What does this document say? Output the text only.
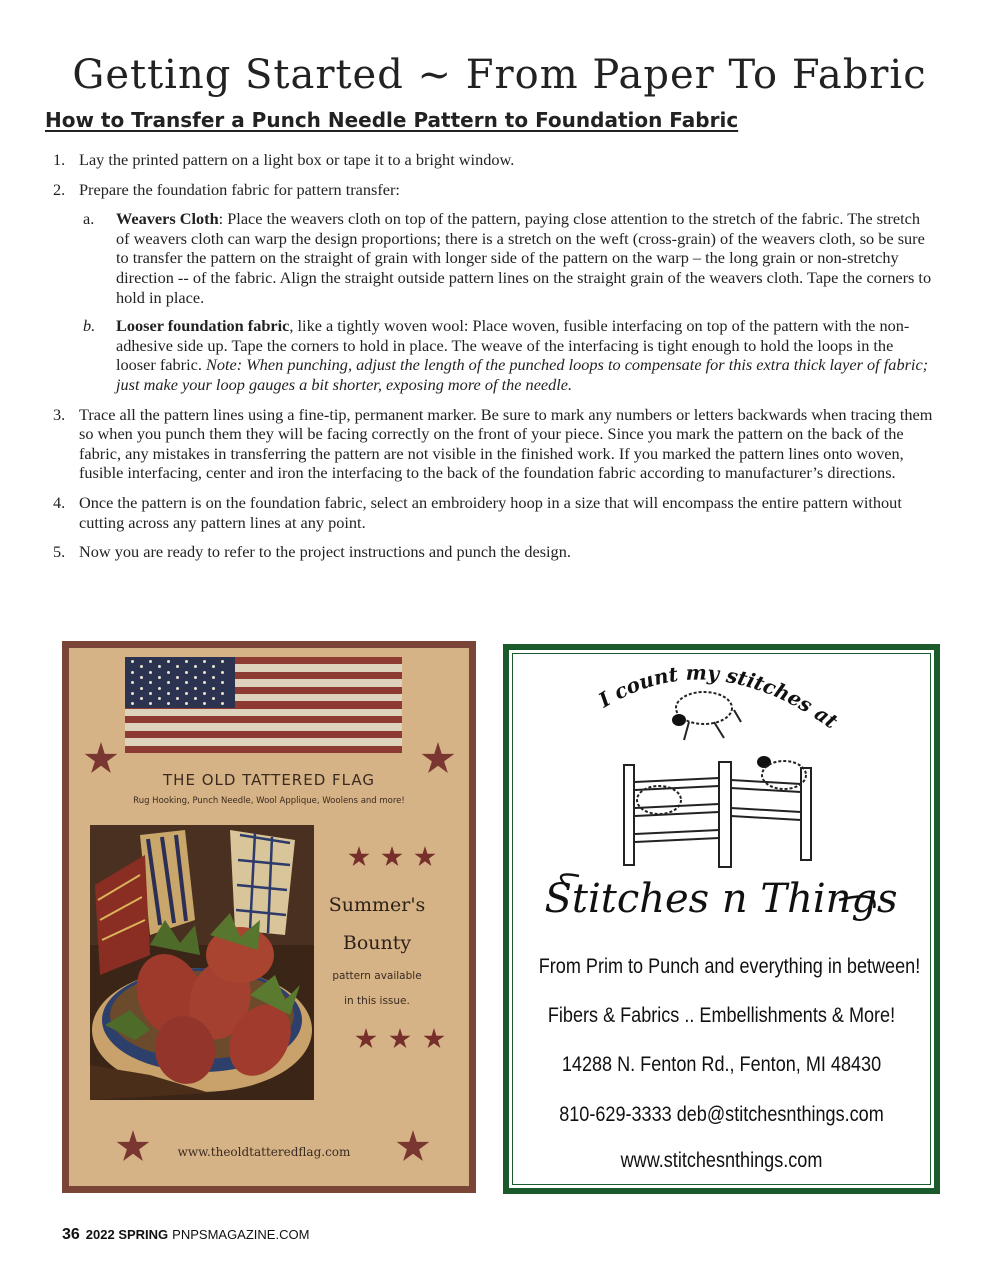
Getting Started ~ From Paper To Fabric
How to Transfer a Punch Needle Pattern to Foundation Fabric
1. Lay the printed pattern on a light box or tape it to a bright window.
2. Prepare the foundation fabric for pattern transfer:
a. Weavers Cloth: Place the weavers cloth on top of the pattern, paying close attention to the stretch of the fabric. The stretch of weavers cloth can warp the design proportions; there is a stretch on the weft (cross-grain) of the weavers cloth, so be sure to transfer the pattern on the straight of grain with longer side of the pattern on the warp – the long grain or non-stretchy direction -- of the fabric. Align the straight outside pattern lines on the straight grain of the weavers cloth. Tape the corners to hold in place.
b. Looser foundation fabric, like a tightly woven wool: Place woven, fusible interfacing on top of the pattern with the non-adhesive side up. Tape the corners to hold in place. The weave of the interfacing is tight enough to hold the loops in the looser fabric. Note: When punching, adjust the length of the punched loops to compensate for this extra thick layer of fabric; just make your loop gauges a bit shorter, exposing more of the needle.
3. Trace all the pattern lines using a fine-tip, permanent marker. Be sure to mark any numbers or letters backwards when tracing them so when you punch them they will be facing correctly on the front of your piece. Since you mark the pattern on the back of the fabric, any mistakes in transferring the pattern are not visible in the finished work. If you marked the pattern lines onto woven, fusible interfacing, center and iron the interfacing to the back of the foundation fabric according to manufacturer’s directions.
4. Once the pattern is on the foundation fabric, select an embroidery hoop in a size that will encompass the entire pattern without cutting across any pattern lines at any point.
5. Now you are ready to refer to the project instructions and punch the design.
THE OLD TATTERED FLAG
Rug Hooking, Punch Needle, Wool Applique, Woolens and more!
Summer's
Bounty
pattern available
in this issue.
www.theoldtatteredflag.com
I count my stitches at
Stitches n Things
From Prim to Punch and everything in between!
Fibers & Fabrics .. Embellishments & More!
14288 N. Fenton Rd., Fenton, MI 48430
810-629-3333 deb@stitchesnthings.com
www.stitchesnthings.com
36 2022 SPRING PNPSMAGAZINE.COM
